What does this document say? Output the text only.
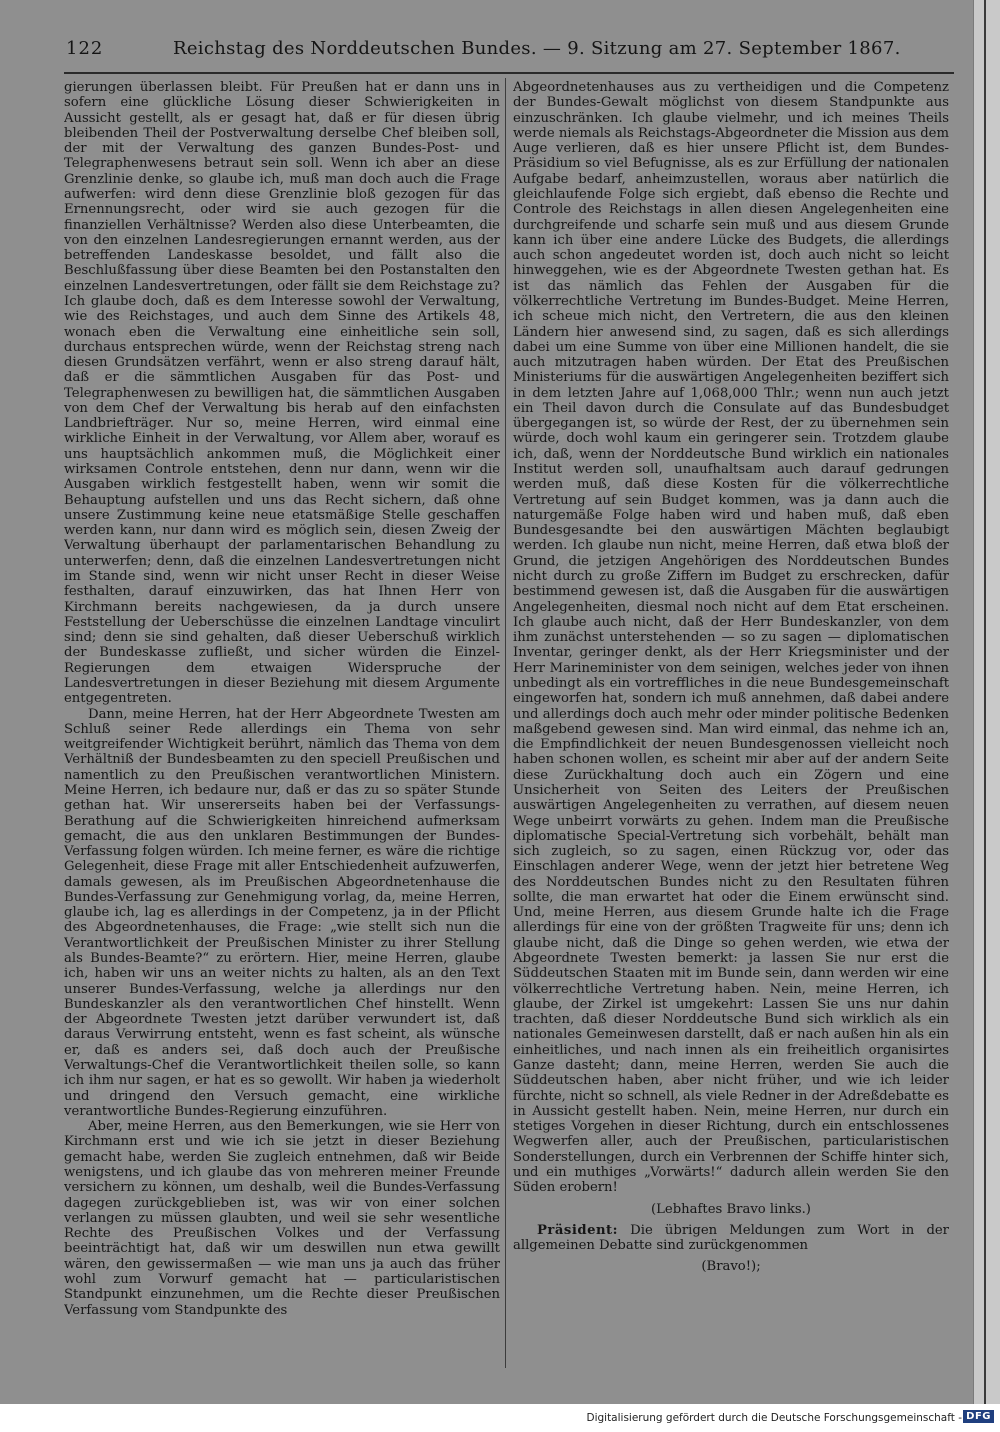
122	Reichstag des Norddeutschen Bundes. — 9. Sitzung am 27. September 1867.

gierungen überlassen bleibt. Für Preußen hat er dann uns in sofern eine glückliche Lösung dieser Schwierigkeiten in Aussicht gestellt, als er gesagt hat, daß er für diesen übrig bleibenden Theil der Postverwaltung derselbe Chef bleiben soll, der mit der Verwaltung des ganzen Bundes-Post- und Telegraphenwesens betraut sein soll. Wenn ich aber an diese Grenzlinie denke, so glaube ich, muß man doch auch die Frage aufwerfen: wird denn diese Grenzlinie bloß gezogen für das Ernennungsrecht, oder wird sie auch gezogen für die finanziellen Verhältnisse? Werden also diese Unterbeamten, die von den einzelnen Landesregierungen ernannt werden, aus der betreffenden Landeskasse besoldet, und fällt also die Beschlußfassung über diese Beamten bei den Postanstalten den einzelnen Landesvertretungen, oder fällt sie dem Reichstage zu? Ich glaube doch, daß es dem Interesse sowohl der Verwaltung, wie des Reichstages, und auch dem Sinne des Artikels 48, wonach eben die Verwaltung eine einheitliche sein soll, durchaus entsprechen würde, wenn der Reichstag streng nach diesen Grundsätzen verfährt, wenn er also streng darauf hält, daß er die sämmtlichen Ausgaben für das Post- und Telegraphenwesen zu bewilligen hat, die sämmtlichen Ausgaben von dem Chef der Verwaltung bis herab auf den einfachsten Landbriefträger. Nur so, meine Herren, wird einmal eine wirkliche Einheit in der Verwaltung, vor Allem aber, worauf es uns hauptsächlich ankommen muß, die Möglichkeit einer wirksamen Controle entstehen, denn nur dann, wenn wir die Ausgaben wirklich festgestellt haben, wenn wir somit die Behauptung aufstellen und uns das Recht sichern, daß ohne unsere Zustimmung keine neue etatsmäßige Stelle geschaffen werden kann, nur dann wird es möglich sein, diesen Zweig der Verwaltung überhaupt der parlamentarischen Behandlung zu unterwerfen; denn, daß die einzelnen Landesvertretungen nicht im Stande sind, wenn wir nicht unser Recht in dieser Weise festhalten, darauf einzuwirken, das hat Ihnen Herr von Kirchmann bereits nachgewiesen, da ja durch unsere Feststellung der Ueberschüsse die einzelnen Landtage vinculirt sind; denn sie sind gehalten, daß dieser Ueberschuß wirklich der Bundeskasse zufließt, und sicher würden die Einzel-Regierungen dem etwaigen Widerspruche der Landesvertretungen in dieser Beziehung mit diesem Argumente entgegentreten.

Dann, meine Herren, hat der Herr Abgeordnete Twesten am Schluß seiner Rede allerdings ein Thema von sehr weitgreifender Wichtigkeit berührt, nämlich das Thema von dem Verhältniß der Bundesbeamten zu den speciell Preußischen und namentlich zu den Preußischen verantwortlichen Ministern. Meine Herren, ich bedaure nur, daß er das zu so später Stunde gethan hat. Wir unsererseits haben bei der Verfassungs-Berathung auf die Schwierigkeiten hinreichend aufmerksam gemacht, die aus den unklaren Bestimmungen der Bundes-Verfassung folgen würden. Ich meine ferner, es wäre die richtige Gelegenheit, diese Frage mit aller Entschiedenheit aufzuwerfen, damals gewesen, als im Preußischen Abgeordnetenhause die Bundes-Verfassung zur Genehmigung vorlag, da, meine Herren, glaube ich, lag es allerdings in der Competenz, ja in der Pflicht des Abgeordnetenhauses, die Frage: „wie stellt sich nun die Verantwortlichkeit der Preußischen Minister zu ihrer Stellung als Bundes-Beamte?“ zu erörtern. Hier, meine Herren, glaube ich, haben wir uns an weiter nichts zu halten, als an den Text unserer Bundes-Verfassung, welche ja allerdings nur den Bundeskanzler als den verantwortlichen Chef hinstellt. Wenn der Abgeordnete Twesten jetzt darüber verwundert ist, daß daraus Verwirrung entsteht, wenn es fast scheint, als wünsche er, daß es anders sei, daß doch auch der Preußische Verwaltungs-Chef die Verantwortlichkeit theilen solle, so kann ich ihm nur sagen, er hat es so gewollt. Wir haben ja wiederholt und dringend den Versuch gemacht, eine wirkliche verantwortliche Bundes-Regierung einzuführen.

Aber, meine Herren, aus den Bemerkungen, wie sie Herr von Kirchmann erst und wie ich sie jetzt in dieser Beziehung gemacht habe, werden Sie zugleich entnehmen, daß wir Beide wenigstens, und ich glaube das von mehreren meiner Freunde versichern zu können, um deshalb, weil die Bundes-Verfassung dagegen zurückgeblieben ist, was wir von einer solchen verlangen zu müssen glaubten, und weil sie sehr wesentliche Rechte des Preußischen Volkes und der Verfassung beeinträchtigt hat, daß wir um deswillen nun etwa gewillt wären, den gewissermaßen — wie man uns ja auch das früher wohl zum Vorwurf gemacht hat — particularistischen Standpunkt einzunehmen, um die Rechte dieser Preußischen Verfassung vom Standpunkte des

Abgeordnetenhauses aus zu vertheidigen und die Competenz der Bundes-Gewalt möglichst von diesem Standpunkte aus einzuschränken. Ich glaube vielmehr, und ich meines Theils werde niemals als Reichstags-Abgeordneter die Mission aus dem Auge verlieren, daß es hier unsere Pflicht ist, dem Bundes-Präsidium so viel Befugnisse, als es zur Erfüllung der nationalen Aufgabe bedarf, anheimzustellen, woraus aber natürlich die gleichlaufende Folge sich ergiebt, daß ebenso die Rechte und Controle des Reichstags in allen diesen Angelegenheiten eine durchgreifende und scharfe sein muß und aus diesem Grunde kann ich über eine andere Lücke des Budgets, die allerdings auch schon angedeutet worden ist, doch auch nicht so leicht hinweggehen, wie es der Abgeordnete Twesten gethan hat. Es ist das nämlich das Fehlen der Ausgaben für die völkerrechtliche Vertretung im Bundes-Budget. Meine Herren, ich scheue mich nicht, den Vertretern, die aus den kleinen Ländern hier anwesend sind, zu sagen, daß es sich allerdings dabei um eine Summe von über eine Millionen handelt, die sie auch mitzutragen haben würden. Der Etat des Preußischen Ministeriums für die auswärtigen Angelegenheiten beziffert sich in dem letzten Jahre auf 1,068,000 Thlr.; wenn nun auch jetzt ein Theil davon durch die Consulate auf das Bundesbudget übergegangen ist, so würde der Rest, der zu übernehmen sein würde, doch wohl kaum ein geringerer sein. Trotzdem glaube ich, daß, wenn der Norddeutsche Bund wirklich ein nationales Institut werden soll, unaufhaltsam auch darauf gedrungen werden muß, daß diese Kosten für die völkerrechtliche Vertretung auf sein Budget kommen, was ja dann auch die naturgemäße Folge haben wird und haben muß, daß eben Bundesgesandte bei den auswärtigen Mächten beglaubigt werden. Ich glaube nun nicht, meine Herren, daß etwa bloß der Grund, die jetzigen Angehörigen des Norddeutschen Bundes nicht durch zu große Ziffern im Budget zu erschrecken, dafür bestimmend gewesen ist, daß die Ausgaben für die auswärtigen Angelegenheiten, diesmal noch nicht auf dem Etat erscheinen. Ich glaube auch nicht, daß der Herr Bundeskanzler, von dem ihm zunächst unterstehenden — so zu sagen — diplomatischen Inventar, geringer denkt, als der Herr Kriegsminister und der Herr Marineminister von dem seinigen, welches jeder von ihnen unbedingt als ein vortreffliches in die neue Bundesgemeinschaft eingeworfen hat, sondern ich muß annehmen, daß dabei andere und allerdings doch auch mehr oder minder politische Bedenken maßgebend gewesen sind. Man wird einmal, das nehme ich an, die Empfindlichkeit der neuen Bundesgenossen vielleicht noch haben schonen wollen, es scheint mir aber auf der andern Seite diese Zurückhaltung doch auch ein Zögern und eine Unsicherheit von Seiten des Leiters der Preußischen auswärtigen Angelegenheiten zu verrathen, auf diesem neuen Wege unbeirrt vorwärts zu gehen. Indem man die Preußische diplomatische Special-Vertretung sich vorbehält, behält man sich zugleich, so zu sagen, einen Rückzug vor, oder das Einschlagen anderer Wege, wenn der jetzt hier betretene Weg des Norddeutschen Bundes nicht zu den Resultaten führen sollte, die man erwartet hat oder die Einem erwünscht sind. Und, meine Herren, aus diesem Grunde halte ich die Frage allerdings für eine von der größten Tragweite für uns; denn ich glaube nicht, daß die Dinge so gehen werden, wie etwa der Abgeordnete Twesten bemerkt: ja lassen Sie nur erst die Süddeutschen Staaten mit im Bunde sein, dann werden wir eine völkerrechtliche Vertretung haben. Nein, meine Herren, ich glaube, der Zirkel ist umgekehrt: Lassen Sie uns nur dahin trachten, daß dieser Norddeutsche Bund sich wirklich als ein nationales Gemeinwesen darstellt, daß er nach außen hin als ein einheitliches, und nach innen als ein freiheitlich organisirtes Ganze dasteht; dann, meine Herren, werden Sie auch die Süddeutschen haben, aber nicht früher, und wie ich leider fürchte, nicht so schnell, als viele Redner in der Adreßdebatte es in Aussicht gestellt haben. Nein, meine Herren, nur durch ein stetiges Vorgehen in dieser Richtung, durch ein entschlossenes Wegwerfen aller, auch der Preußischen, particularistischen Sonderstellungen, durch ein Verbrennen der Schiffe hinter sich, und ein muthiges „Vorwärts!“ dadurch allein werden Sie den Süden erobern!

(Lebhaftes Bravo links.)

Präsident: Die übrigen Meldungen zum Wort in der allgemeinen Debatte sind zurückgenommen

(Bravo!);

Digitalisierung gefördert durch die Deutsche Forschungsgemeinschaft - DFG
